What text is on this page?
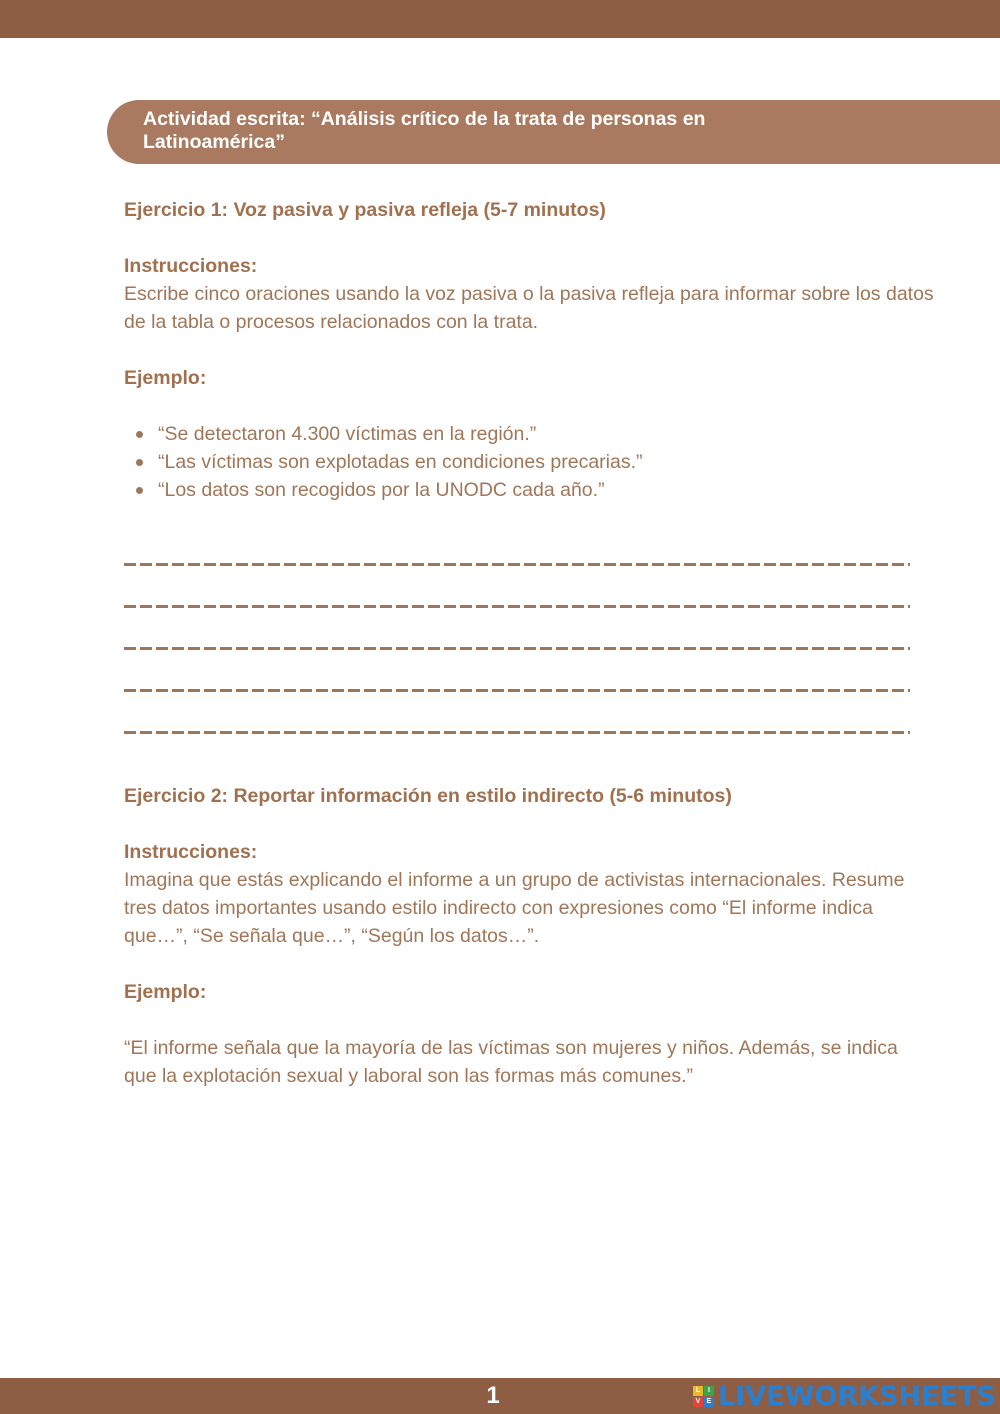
Actividad escrita: “Análisis crítico de la trata de personas en Latinoamérica”
Ejercicio 1: Voz pasiva y pasiva refleja (5-7 minutos)
Instrucciones:

Escribe cinco oraciones usando la voz pasiva o la pasiva refleja para informar sobre los datos de la tabla o procesos relacionados con la trata.

Ejemplo:
“Se detectaron 4.300 víctimas en la región.”
“Las víctimas son explotadas en condiciones precarias.”
“Los datos son recogidos por la UNODC cada año.”
Ejercicio 2: Reportar información en estilo indirecto (5-6 minutos)
Instrucciones:

Imagina que estás explicando el informe a un grupo de activistas internacionales. Resume tres datos importantes usando estilo indirecto con expresiones como “El informe indica que…”, “Se señala que…”, “Según los datos…”.

Ejemplo:

“El informe señala que la mayoría de las víctimas son mujeres y niños. Además, se indica que la explotación sexual y laboral son las formas más comunes.”

1	L	I
V E LIVEWORKSHEETS
